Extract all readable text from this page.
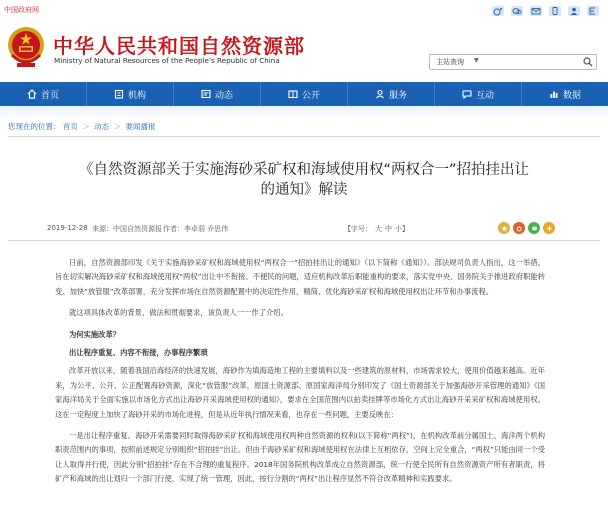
中国政府网
中华人民共和国自然资源部
Ministry of Natural Resources of the People's Republic of China	主站查询 ▼
首页	机构	动态	公开	服务	互动	数据
您现在的位置： 首页 ＞ 动态 ＞ 要闻播报
《自然资源部关于实施海砂采矿权和海域使用权“两权合一”招拍挂出让
的通知》解读
2019-12-28 来源：中国自然资源报 作者：李卓弱 乔思伟	【字号： 大 中 小】

日前，自然资源部印发《关于实施海砂采矿权和海域使用权“两权合一”招拍挂出让的通知》（以下简称《通知》）。部法规司负责人指出，这一举措，旨在切实解决海砂采矿权和海域使用权“两权”出让中不衔接、不便民的问题，适应机构改革后职能重构的要求，落实党中央、国务院关于推进政府职能转变、加快“放管服”改革部署，充分发挥市场在自然资源配置中的决定性作用，精简、优化海砂采矿权和海域使用权出让环节和办事流程。

就这项具体改革的背景、做法和贯彻要求，该负责人一一作了介绍。

为何实施改革？

出让程序重复、内容不衔接，办事程序繁琐

改革开放以来，随着我国沿海经济的快速发展，海砂作为填海造地工程的主要填料以及一些建筑的原材料，市场需求较大，使用价值越来越高。近年来，为公平、公开、公正配置海砂资源，深化“放管服”改革，原国土资源部、原国家海洋局分别印发了《国土资源部关于加强海砂开采管理的通知》《国家海洋局关于全面实施以市场化方式出让海砂开采海域使用权的通知》，要求在全国范围内以拍卖挂牌等市场化方式出让海砂开采采矿权和海域使用权。这在一定程度上加快了海砂开采的市场化进程，但是从近年执行情况来看，也存在一些问题，主要反映在：

一是出让程序重复。海砂开采需要同时取得海砂采矿权和海域使用权两种自然资源的权利(以下简称“两权”)，在机构改革前分属国土、海洋两个机构职责范围内的事项，按照前述规定分别组织“招拍挂”出让。但由于海砂采矿权和海域使用权在法律上互相依存，空间上完全重合，“两权”只能由同一个受让人取得并行使，因此分别“招拍挂”存在不合理的重复程序。2018年国务院机构改革成立自然资源部，统一行使全民所有自然资源资产所有者职责，将矿产和海域的出让划归一个部门行使，实现了统一管理，因此，按行分割的“两权”出让程序显然不符合改革精神和实践要求。
